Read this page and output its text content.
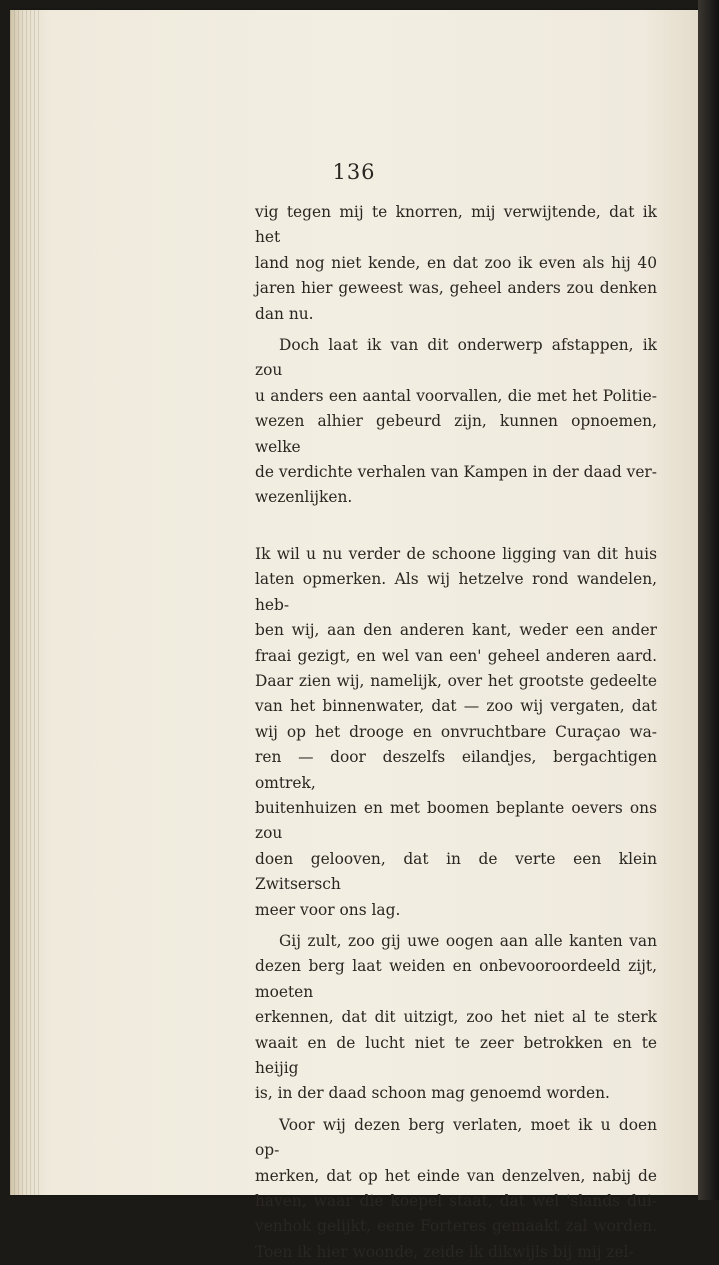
136
vig tegen mij te knorren, mij verwijtende, dat ik het
land nog niet kende, en dat zoo ik even als hij 40
jaren hier geweest was, geheel anders zou denken
dan nu.
Doch laat ik van dit onderwerp afstappen, ik zou
u anders een aantal voorvallen, die met het Politie-
wezen alhier gebeurd zijn, kunnen opnoemen, welke
de verdichte verhalen van Kampen in der daad ver-
wezenlijken.
Ik wil u nu verder de schoone ligging van dit huis
laten opmerken. Als wij hetzelve rond wandelen, heb-
ben wij, aan den anderen kant, weder een ander
fraai gezigt, en wel van een' geheel anderen aard.
Daar zien wij, namelijk, over het grootste gedeelte
van het binnenwater, dat — zoo wij vergaten, dat
wij op het drooge en onvruchtbare Curaçao wa-
ren — door deszelfs eilandjes, bergachtigen omtrek,
buitenhuizen en met boomen beplante oevers ons zou
doen gelooven, dat in de verte een klein Zwitsersch
meer voor ons lag.
Gij zult, zoo gij uwe oogen aan alle kanten van
dezen berg laat weiden en onbevooroordeeld zijt, moeten
erkennen, dat dit uitzigt, zoo het niet al te sterk
waait en de lucht niet te zeer betrokken en te heijig
is, in der daad schoon mag genoemd worden.
Voor wij dezen berg verlaten, moet ik u doen op-
merken, dat op het einde van denzelven, nabij de
haven, waar die koepel staat, dat wel 'slands dui-
venhok gelijkt, eene Forteres gemaakt zal worden.
Toen ik hier woonde, zeide ik dikwijls bij mij zel-
